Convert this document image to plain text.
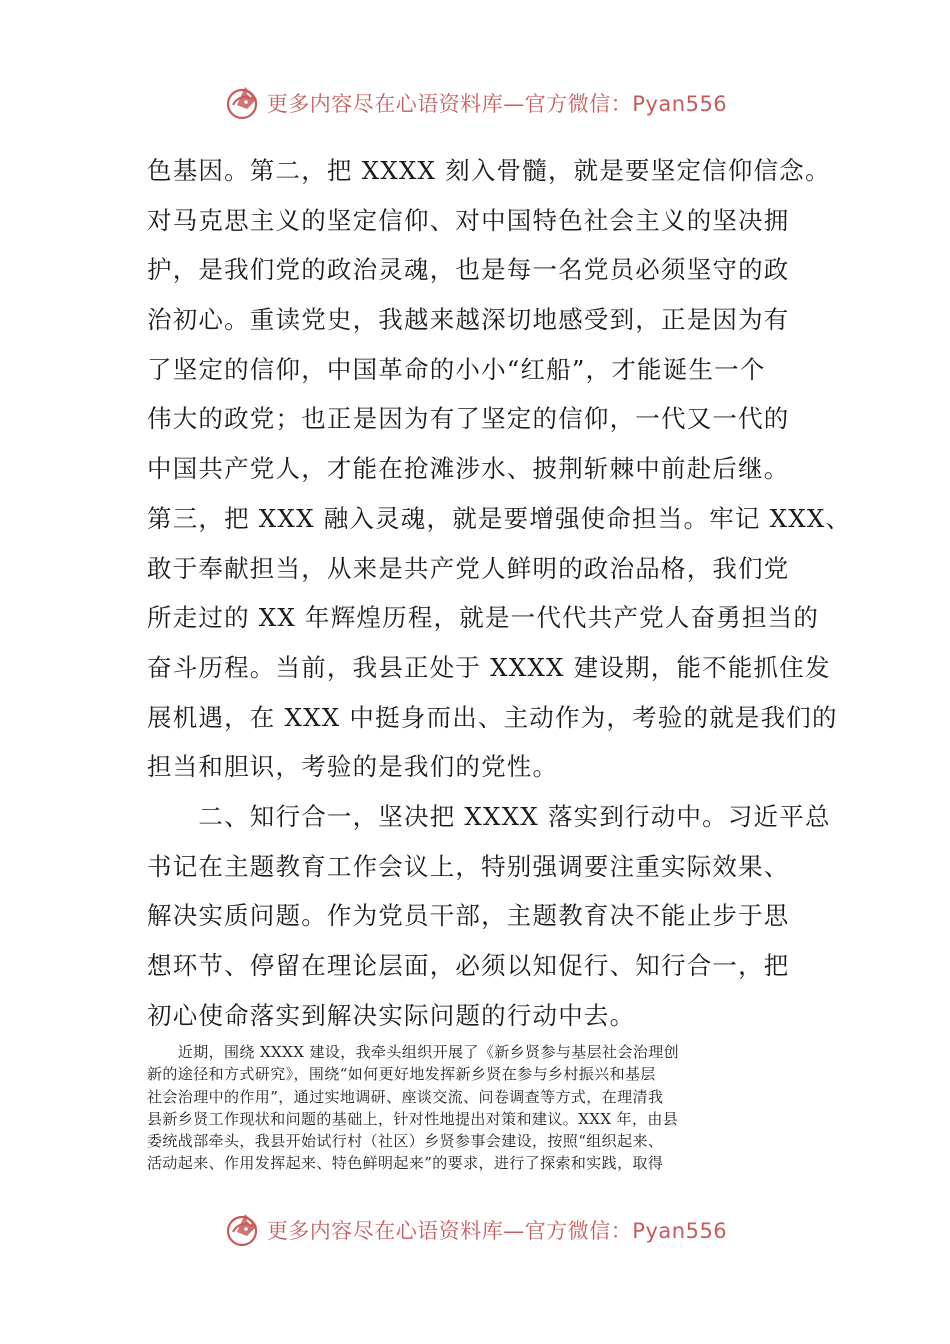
更多内容尽在心语资料库—官方微信：Pyan556
色基因。第二，把 XXXX 刻入骨髓，就是要坚定信仰信念。
对马克思主义的坚定信仰、对中国特色社会主义的坚决拥
护，是我们党的政治灵魂，也是每一名党员必须坚守的政
治初心。重读党史，我越来越深切地感受到，正是因为有
了坚定的信仰，中国革命的小小“红船”，才能诞生一个
伟大的政党；也正是因为有了坚定的信仰，一代又一代的
中国共产党人，才能在抢滩涉水、披荆斩棘中前赴后继。
第三，把 XXX 融入灵魂，就是要增强使命担当。牢记 XXX、
敢于奉献担当，从来是共产党人鲜明的政治品格，我们党
所走过的 XX 年辉煌历程，就是一代代共产党人奋勇担当的
奋斗历程。当前，我县正处于 XXXX 建设期，能不能抓住发
展机遇，在 XXX 中挺身而出、主动作为，考验的就是我们的
担当和胆识，考验的是我们的党性。
　　二、知行合一，坚决把 XXXX 落实到行动中。习近平总
书记在主题教育工作会议上，特别强调要注重实际效果、
解决实质问题。作为党员干部，主题教育决不能止步于思
想环节、停留在理论层面，必须以知促行、知行合一，把
初心使命落实到解决实际问题的行动中去。
　　近期，围绕 XXXX 建设，我牵头组织开展了《新乡贤参与基层社会治理创
新的途径和方式研究》，围绕“如何更好地发挥新乡贤在参与乡村振兴和基层
社会治理中的作用”，通过实地调研、座谈交流、问卷调查等方式，在理清我
县新乡贤工作现状和问题的基础上，针对性地提出对策和建议。XXX 年，由县
委统战部牵头，我县开始试行村（社区）乡贤参事会建设，按照“组织起来、
活动起来、作用发挥起来、特色鲜明起来”的要求，进行了探索和实践，取得
更多内容尽在心语资料库—官方微信：Pyan556
